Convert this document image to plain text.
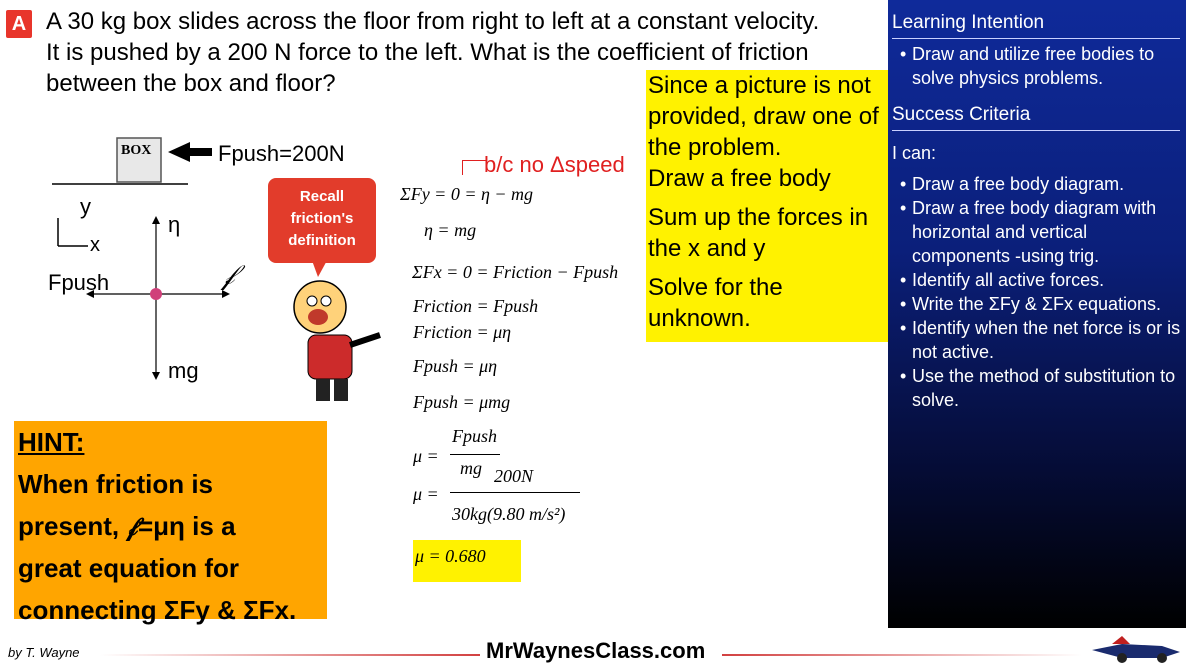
A A 30 kg box slides across the floor from right to left at a constant velocity. It is pushed by a 200 N force to the left. What is the coefficient of friction between the box and floor?
BOX	Fpush=200N
y
x
η
𝒻
Fpush
mg
Recall friction's definition
b/c no Δspeed
ΣFy = 0 = η − mg
η = mg
ΣFx = 0 = Friction − Fpush
Friction = Fpush
Friction = μη
Fpush = μη
Fpush = μmg
μ =
Fpush
mg
μ =
200N
30kg(9.80 m/s²)
μ = 0.680
Since a picture is not provided, draw one of the problem.
Draw a free body
Sum up the forces in the x and y
Solve for the unknown.
HINT:
When friction is
present, 𝒻=μη is a
great equation for
connecting ΣFy & ΣFx.
Learning Intention
• Draw and utilize free bodies to solve physics problems.
Success Criteria
I can:
• Draw a free body diagram.
• Draw a free body diagram with horizontal and vertical components -using trig.
• Identify all active forces.
• Write the ΣFy & ΣFx equations.
• Identify when the net force is or is not active.
• Use the method of substitution to solve.
by T. Wayne	MrWaynesClass.com
